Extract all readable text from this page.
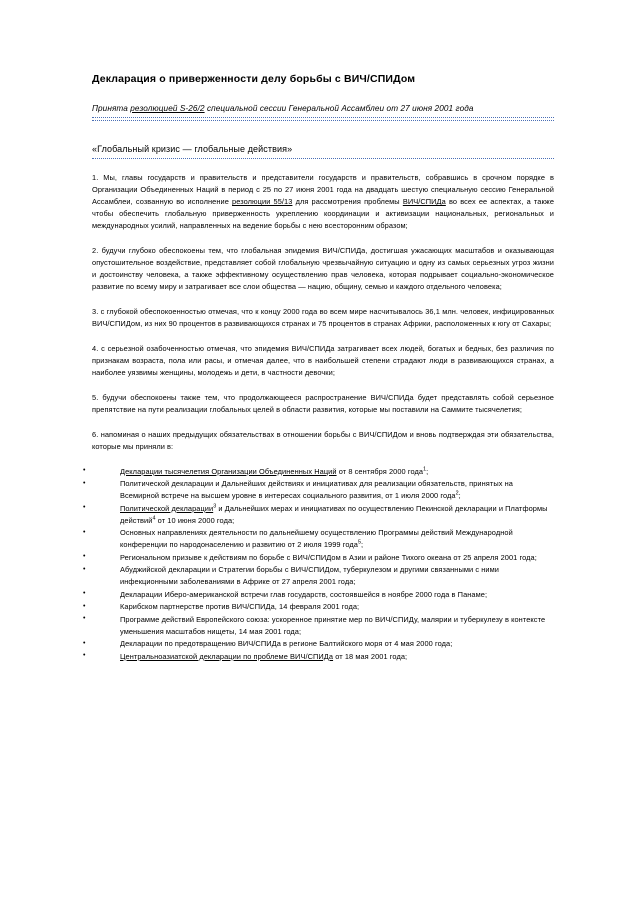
Декларация о приверженности делу борьбы с ВИЧ/СПИДом
Принята резолюцией S-26/2 специальной сессии Генеральной Ассамблеи от 27 июня 2001 года
«Глобальный кризис — глобальные действия»
1. Мы, главы государств и правительств и представители государств и правительств, собравшись в срочном порядке в Организации Объединенных Наций в период с 25 по 27 июня 2001 года на двадцать шестую специальную сессию Генеральной Ассамблеи, созванную во исполнение резолюции 55/13 для рассмотрения проблемы ВИЧ/СПИДа во всех ее аспектах, а также чтобы обеспечить глобальную приверженность укреплению координации и активизации национальных, региональных и международных усилий, направленных на ведение борьбы с нею всесторонним образом;
2. будучи глубоко обеспокоены тем, что глобальная эпидемия ВИЧ/СПИДа, достигшая ужасающих масштабов и оказывающая опустошительное воздействие, представляет собой глобальную чрезвычайную ситуацию и одну из самых серьезных угроз жизни и достоинству человека, а также эффективному осуществлению прав человека, которая подрывает социально-экономическое развитие по всему миру и затрагивает все слои общества — нацию, общину, семью и каждого отдельного человека;
3. с глубокой обеспокоенностью отмечая, что к концу 2000 года во всем мире насчитывалось 36,1 млн. человек, инфицированных ВИЧ/СПИДом, из них 90 процентов в развивающихся странах и 75 процентов в странах Африки, расположенных к югу от Сахары;
4. с серьезной озабоченностью отмечая, что эпидемия ВИЧ/СПИДа затрагивает всех людей, богатых и бедных, без различия по признакам возраста, пола или расы, и отмечая далее, что в наибольшей степени страдают люди в развивающихся странах, а наиболее уязвимы женщины, молодежь и дети, в частности девочки;
5. будучи обеспокоены также тем, что продолжающееся распространение ВИЧ/СПИДа будет представлять собой серьезное препятствие на пути реализации глобальных целей в области развития, которые мы поставили на Саммите тысячелетия;
6. напоминая о наших предыдущих обязательствах в отношении борьбы с ВИЧ/СПИДом и вновь подтверждая эти обязательства, которые мы приняли в:
• Декларации тысячелетия Организации Объединенных Наций от 8 сентября 2000 года$^1$;
• Политической декларации и Дальнейших действиях и инициативах для реализации обязательств, принятых на Всемирной встрече на высшем уровне в интересах социального развития, от 1 июля 2000 года$^2$;
• Политической декларации$^3$ и Дальнейших мерах и инициативах по осуществлению Пекинской декларации и Платформы действий$^4$ от 10 июня 2000 года;
• Основных направлениях деятельности по дальнейшему осуществлению Программы действий Международной конференции по народонаселению и развитию от 2 июля 1999 года$^5$;
• Региональном призыве к действиям по борьбе с ВИЧ/СПИДом в Азии и районе Тихого океана от 25 апреля 2001 года;
• Абуджийской декларации и Стратегии борьбы с ВИЧ/СПИДом, туберкулезом и другими связанными с ними инфекционными заболеваниями в Африке от 27 апреля 2001 года;
• Декларации Иберо-американской встречи глав государств, состоявшейся в ноябре 2000 года в Панаме;
• Карибском партнерстве против ВИЧ/СПИДа, 14 февраля 2001 года;
• Программе действий Европейского союза: ускоренное принятие мер по ВИЧ/СПИДу, малярии и туберкулезу в контексте уменьшения масштабов нищеты, 14 мая 2001 года;
• Декларации по предотвращению ВИЧ/СПИДа в регионе Балтийского моря от 4 мая 2000 года;
• Центральноазиатской декларации по проблеме ВИЧ/СПИДа от 18 мая 2001 года;
